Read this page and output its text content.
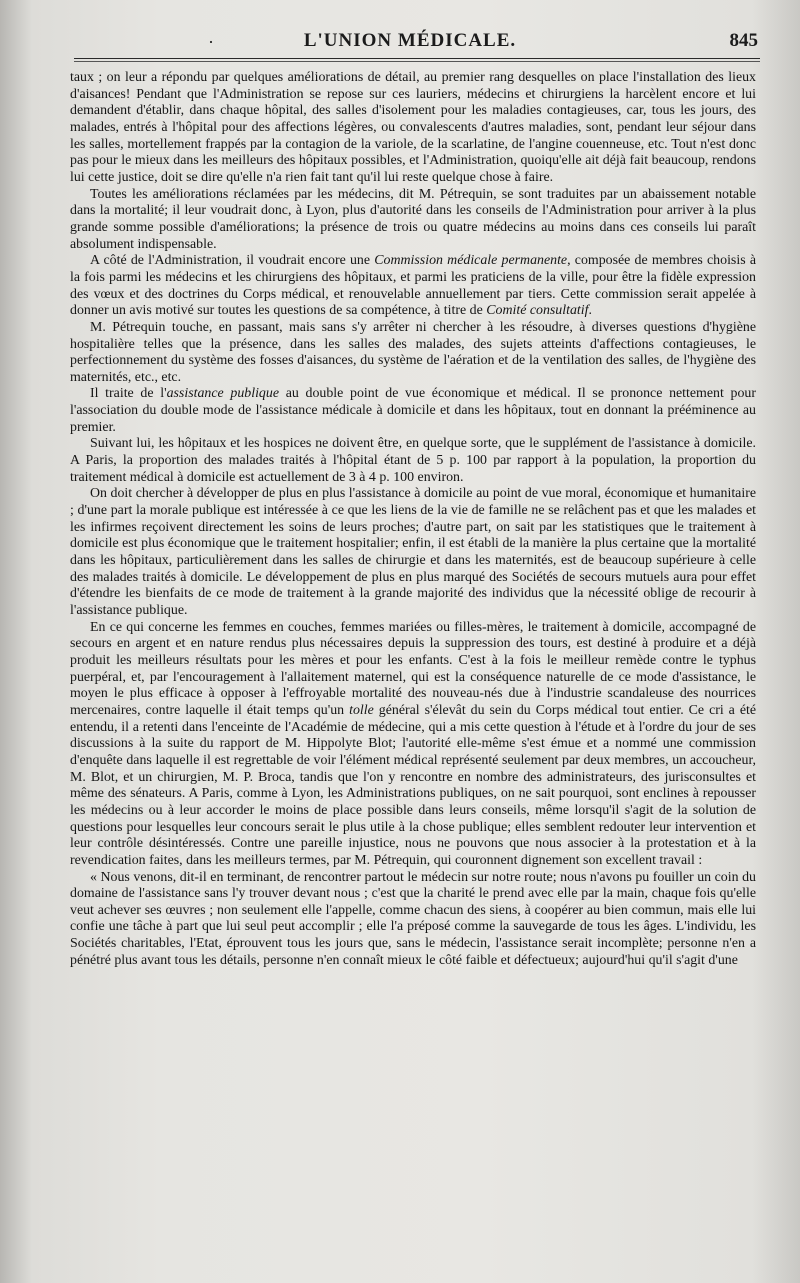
·	L'UNION MÉDICALE.	845

taux ; on leur a répondu par quelques améliorations de détail, au premier rang desquelles on place l'installation des lieux d'aisances! Pendant que l'Administration se repose sur ces lauriers, médecins et chirurgiens la harcèlent encore et lui demandent d'établir, dans chaque hôpital, des salles d'isolement pour les maladies contagieuses, car, tous les jours, des malades, entrés à l'hôpital pour des affections légères, ou convalescents d'autres maladies, sont, pendant leur séjour dans les salles, mortellement frappés par la contagion de la variole, de la scarlatine, de l'angine couenneuse, etc. Tout n'est donc pas pour le mieux dans les meilleurs des hôpitaux possibles, et l'Administration, quoiqu'elle ait déjà fait beaucoup, rendons lui cette justice, doit se dire qu'elle n'a rien fait tant qu'il lui reste quelque chose à faire.

Toutes les améliorations réclamées par les médecins, dit M. Pétrequin, se sont traduites par un abaissement notable dans la mortalité; il leur voudrait donc, à Lyon, plus d'autorité dans les conseils de l'Administration pour arriver à la plus grande somme possible d'améliorations; la présence de trois ou quatre médecins au moins dans ces conseils lui paraît absolument indispensable.

A côté de l'Administration, il voudrait encore une Commission médicale permanente, composée de membres choisis à la fois parmi les médecins et les chirurgiens des hôpitaux, et parmi les praticiens de la ville, pour être la fidèle expression des vœux et des doctrines du Corps médical, et renouvelable annuellement par tiers. Cette commission serait appelée à donner un avis motivé sur toutes les questions de sa compétence, à titre de Comité consultatif.

M. Pétrequin touche, en passant, mais sans s'y arrêter ni chercher à les résoudre, à diverses questions d'hygiène hospitalière telles que la présence, dans les salles des malades, des sujets atteints d'affections contagieuses, le perfectionnement du système des fosses d'aisances, du système de l'aération et de la ventilation des salles, de l'hygiène des maternités, etc., etc.

Il traite de l'assistance publique au double point de vue économique et médical. Il se prononce nettement pour l'association du double mode de l'assistance médicale à domicile et dans les hôpitaux, tout en donnant la prééminence au premier.

Suivant lui, les hôpitaux et les hospices ne doivent être, en quelque sorte, que le supplément de l'assistance à domicile. A Paris, la proportion des malades traités à l'hôpital étant de 5 p. 100 par rapport à la population, la proportion du traitement médical à domicile est actuellement de 3 à 4 p. 100 environ.

On doit chercher à développer de plus en plus l'assistance à domicile au point de vue moral, économique et humanitaire ; d'une part la morale publique est intéressée à ce que les liens de la vie de famille ne se relâchent pas et que les malades et les infirmes reçoivent directement les soins de leurs proches; d'autre part, on sait par les statistiques que le traitement à domicile est plus économique que le traitement hospitalier; enfin, il est établi de la manière la plus certaine que la mortalité dans les hôpitaux, particulièrement dans les salles de chirurgie et dans les maternités, est de beaucoup supérieure à celle des malades traités à domicile. Le développement de plus en plus marqué des Sociétés de secours mutuels aura pour effet d'étendre les bienfaits de ce mode de traitement à la grande majorité des individus que la nécessité oblige de recourir à l'assistance publique.

En ce qui concerne les femmes en couches, femmes mariées ou filles-mères, le traitement à domicile, accompagné de secours en argent et en nature rendus plus nécessaires depuis la suppression des tours, est destiné à produire et a déjà produit les meilleurs résultats pour les mères et pour les enfants. C'est à la fois le meilleur remède contre le typhus puerpéral, et, par l'encouragement à l'allaitement maternel, qui est la conséquence naturelle de ce mode d'assistance, le moyen le plus efficace à opposer à l'effroyable mortalité des nouveau-nés due à l'industrie scandaleuse des nourrices mercenaires, contre laquelle il était temps qu'un tolle général s'élevât du sein du Corps médical tout entier. Ce cri a été entendu, il a retenti dans l'enceinte de l'Académie de médecine, qui a mis cette question à l'étude et à l'ordre du jour de ses discussions à la suite du rapport de M. Hippolyte Blot; l'autorité elle-même s'est émue et a nommé une commission d'enquête dans laquelle il est regrettable de voir l'élément médical représenté seulement par deux membres, un accoucheur, M. Blot, et un chirurgien, M. P. Broca, tandis que l'on y rencontre en nombre des administrateurs, des jurisconsultes et même des sénateurs. A Paris, comme à Lyon, les Administrations publiques, on ne sait pourquoi, sont enclines à repousser les médecins ou à leur accorder le moins de place possible dans leurs conseils, même lorsqu'il s'agit de la solution de questions pour lesquelles leur concours serait le plus utile à la chose publique; elles semblent redouter leur intervention et leur contrôle désintéressés. Contre une pareille injustice, nous ne pouvons que nous associer à la protestation et à la revendication faites, dans les meilleurs termes, par M. Pétrequin, qui couronnent dignement son excellent travail :

« Nous venons, dit-il en terminant, de rencontrer partout le médecin sur notre route; nous n'avons pu fouiller un coin du domaine de l'assistance sans l'y trouver devant nous ; c'est que la charité le prend avec elle par la main, chaque fois qu'elle veut achever ses œuvres ; non seulement elle l'appelle, comme chacun des siens, à coopérer au bien commun, mais elle lui confie une tâche à part que lui seul peut accomplir ; elle l'a préposé comme la sauvegarde de tous les âges. L'individu, les Sociétés charitables, l'Etat, éprouvent tous les jours que, sans le médecin, l'assistance serait incomplète; personne n'en a pénétré plus avant tous les détails, personne n'en connaît mieux le côté faible et défectueux; aujourd'hui qu'il s'agit d'une
